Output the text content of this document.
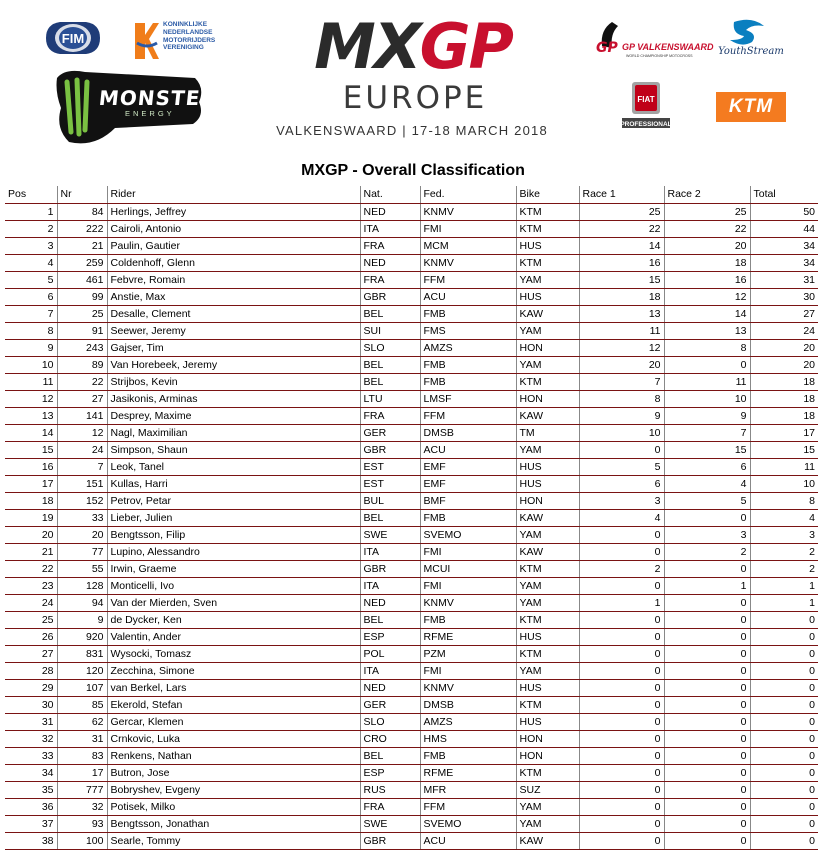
FIM
KONINKLIJKE
NEDERLANDSE
MOTORRIJDERS
VERENIGING
MONSTER
ENERGY
MXGP
EUROPE
VALKENSWAARD | 17-18 MARCH 2018
GP GP VALKENSWAARD
WORLD CHAMPIONSHIP MOTOCROSS	YouthStream
FIAT
PROFESSIONAL
KTM
MXGP - Overall Classification
Pos	Nr	Rider	Nat.	Fed.	Bike	Race 1	Race 2	Total
1	84	Herlings, Jeffrey	NED	KNMV	KTM	25	25	50
2	222	Cairoli, Antonio	ITA	FMI	KTM	22	22	44
3	21	Paulin, Gautier	FRA	MCM	HUS	14	20	34
4	259	Coldenhoff, Glenn	NED	KNMV	KTM	16	18	34
5	461	Febvre, Romain	FRA	FFM	YAM	15	16	31
6	99	Anstie, Max	GBR	ACU	HUS	18	12	30
7	25	Desalle, Clement	BEL	FMB	KAW	13	14	27
8	91	Seewer, Jeremy	SUI	FMS	YAM	11	13	24
9	243	Gajser, Tim	SLO	AMZS	HON	12	8	20
10	89	Van Horebeek, Jeremy	BEL	FMB	YAM	20	0	20
11	22	Strijbos, Kevin	BEL	FMB	KTM	7	11	18
12	27	Jasikonis, Arminas	LTU	LMSF	HON	8	10	18
13	141	Desprey, Maxime	FRA	FFM	KAW	9	9	18
14	12	Nagl, Maximilian	GER	DMSB	TM	10	7	17
15	24	Simpson, Shaun	GBR	ACU	YAM	0	15	15
16	7	Leok, Tanel	EST	EMF	HUS	5	6	11
17	151	Kullas, Harri	EST	EMF	HUS	6	4	10
18	152	Petrov, Petar	BUL	BMF	HON	3	5	8
19	33	Lieber, Julien	BEL	FMB	KAW	4	0	4
20	20	Bengtsson, Filip	SWE	SVEMO	YAM	0	3	3
21	77	Lupino, Alessandro	ITA	FMI	KAW	0	2	2
22	55	Irwin, Graeme	GBR	MCUI	KTM	2	0	2
23	128	Monticelli, Ivo	ITA	FMI	YAM	0	1	1
24	94	Van der Mierden, Sven	NED	KNMV	YAM	1	0	1
25	9	de Dycker, Ken	BEL	FMB	KTM	0	0	0
26	920	Valentin, Ander	ESP	RFME	HUS	0	0	0
27	831	Wysocki, Tomasz	POL	PZM	KTM	0	0	0
28	120	Zecchina, Simone	ITA	FMI	YAM	0	0	0
29	107	van Berkel, Lars	NED	KNMV	HUS	0	0	0
30	85	Ekerold, Stefan	GER	DMSB	KTM	0	0	0
31	62	Gercar, Klemen	SLO	AMZS	HUS	0	0	0
32	31	Crnkovic, Luka	CRO	HMS	HON	0	0	0
33	83	Renkens, Nathan	BEL	FMB	HON	0	0	0
34	17	Butron, Jose	ESP	RFME	KTM	0	0	0
35	777	Bobryshev, Evgeny	RUS	MFR	SUZ	0	0	0
36	32	Potisek, Milko	FRA	FFM	YAM	0	0	0
37	93	Bengtsson, Jonathan	SWE	SVEMO	YAM	0	0	0
38	100	Searle, Tommy	GBR	ACU	KAW	0	0	0
